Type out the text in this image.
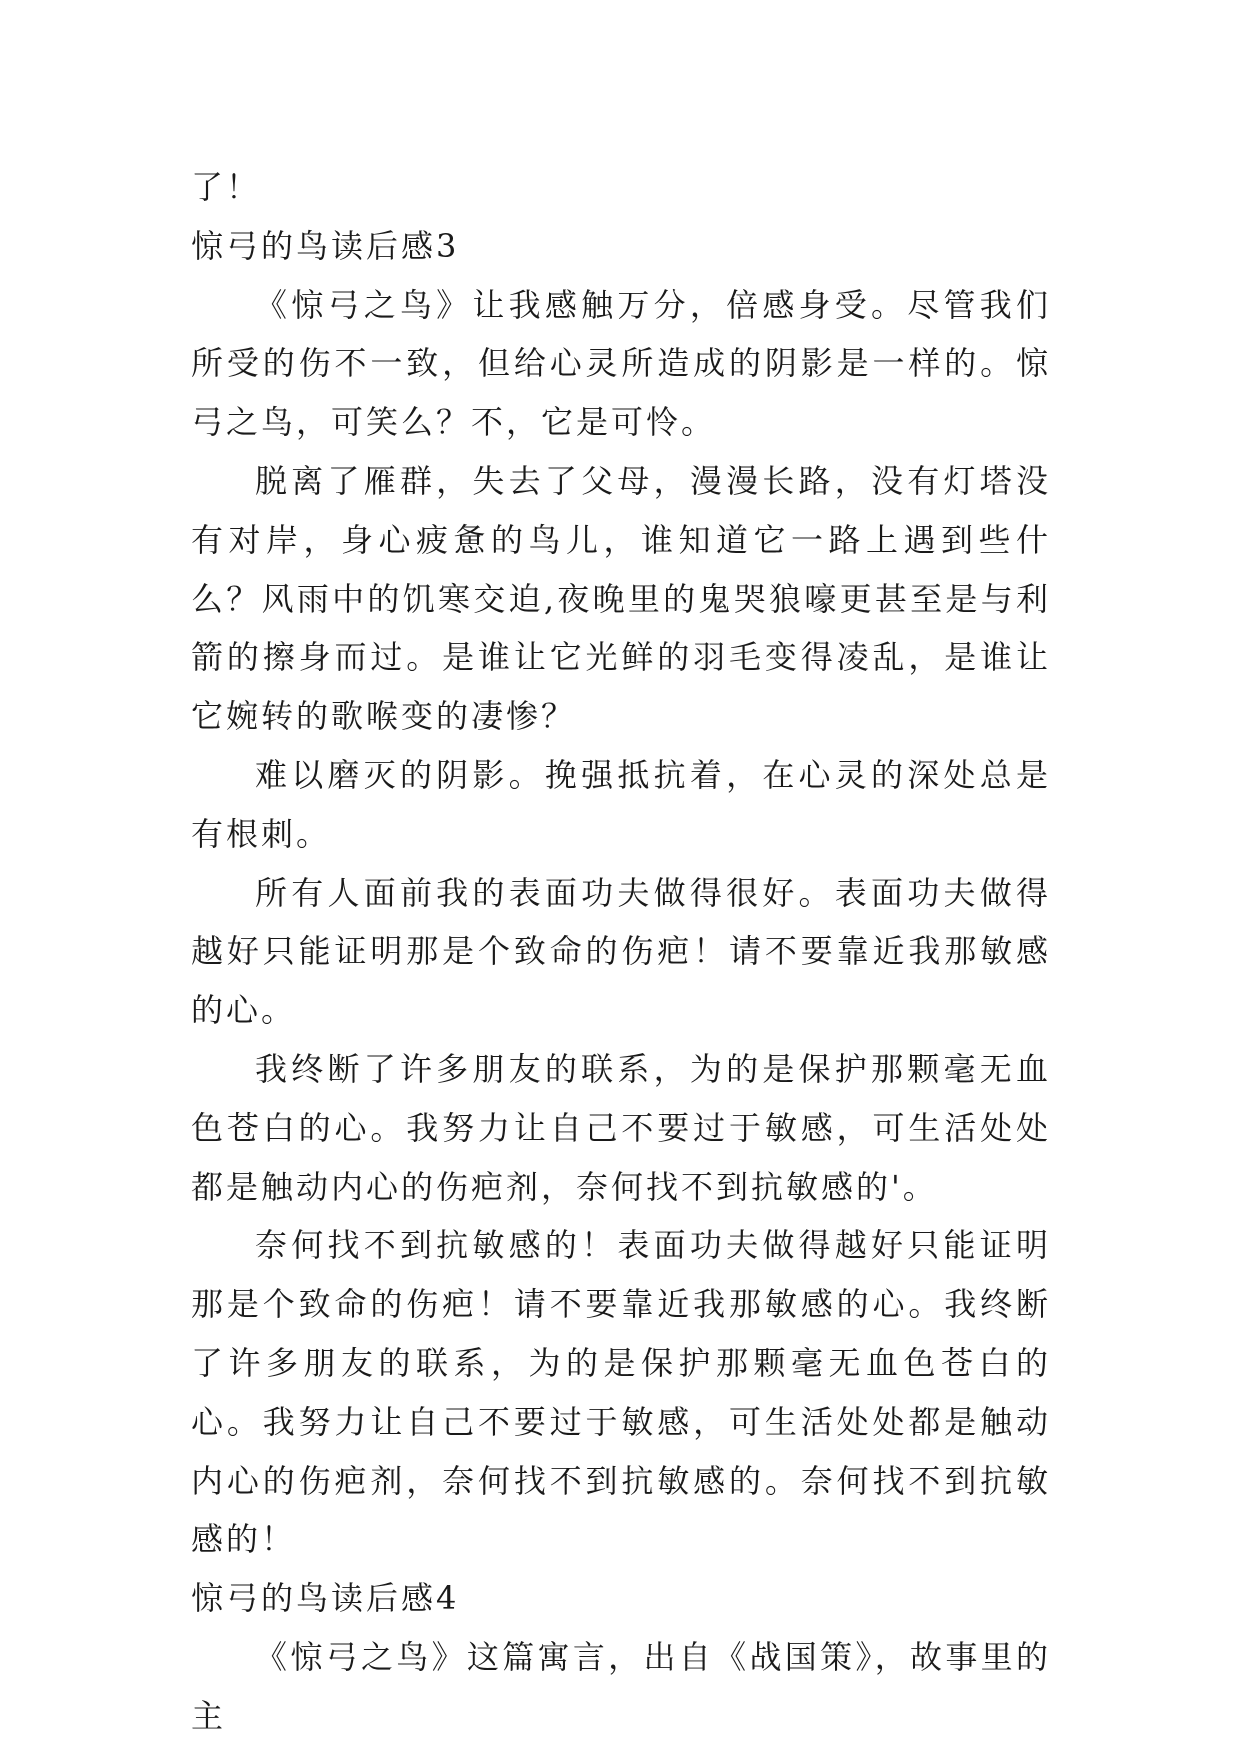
了！

惊弓的鸟读后感3

《惊弓之鸟》让我感触万分，倍感身受。尽管我们所受的伤不一致，但给心灵所造成的阴影是一样的。惊弓之鸟，可笑么？不，它是可怜。

脱离了雁群，失去了父母，漫漫长路，没有灯塔没有对岸，身心疲惫的鸟儿，谁知道它一路上遇到些什么？风雨中的饥寒交迫,夜晚里的鬼哭狼嚎更甚至是与利箭的擦身而过。是谁让它光鲜的羽毛变得凌乱，是谁让它婉转的歌喉变的凄惨？

难以磨灭的阴影。挽强抵抗着，在心灵的深处总是有根刺。

所有人面前我的表面功夫做得很好。表面功夫做得越好只能证明那是个致命的伤疤！请不要靠近我那敏感的心。

我终断了许多朋友的联系，为的是保护那颗毫无血色苍白的心。我努力让自己不要过于敏感，可生活处处都是触动内心的伤疤剂，奈何找不到抗敏感的'。

奈何找不到抗敏感的！表面功夫做得越好只能证明那是个致命的伤疤！请不要靠近我那敏感的心。我终断了许多朋友的联系，为的是保护那颗毫无血色苍白的心。我努力让自己不要过于敏感，可生活处处都是触动内心的伤疤剂，奈何找不到抗敏感的。奈何找不到抗敏感的！

惊弓的鸟读后感4

《惊弓之鸟》这篇寓言，出自《战国策》，故事里的主
